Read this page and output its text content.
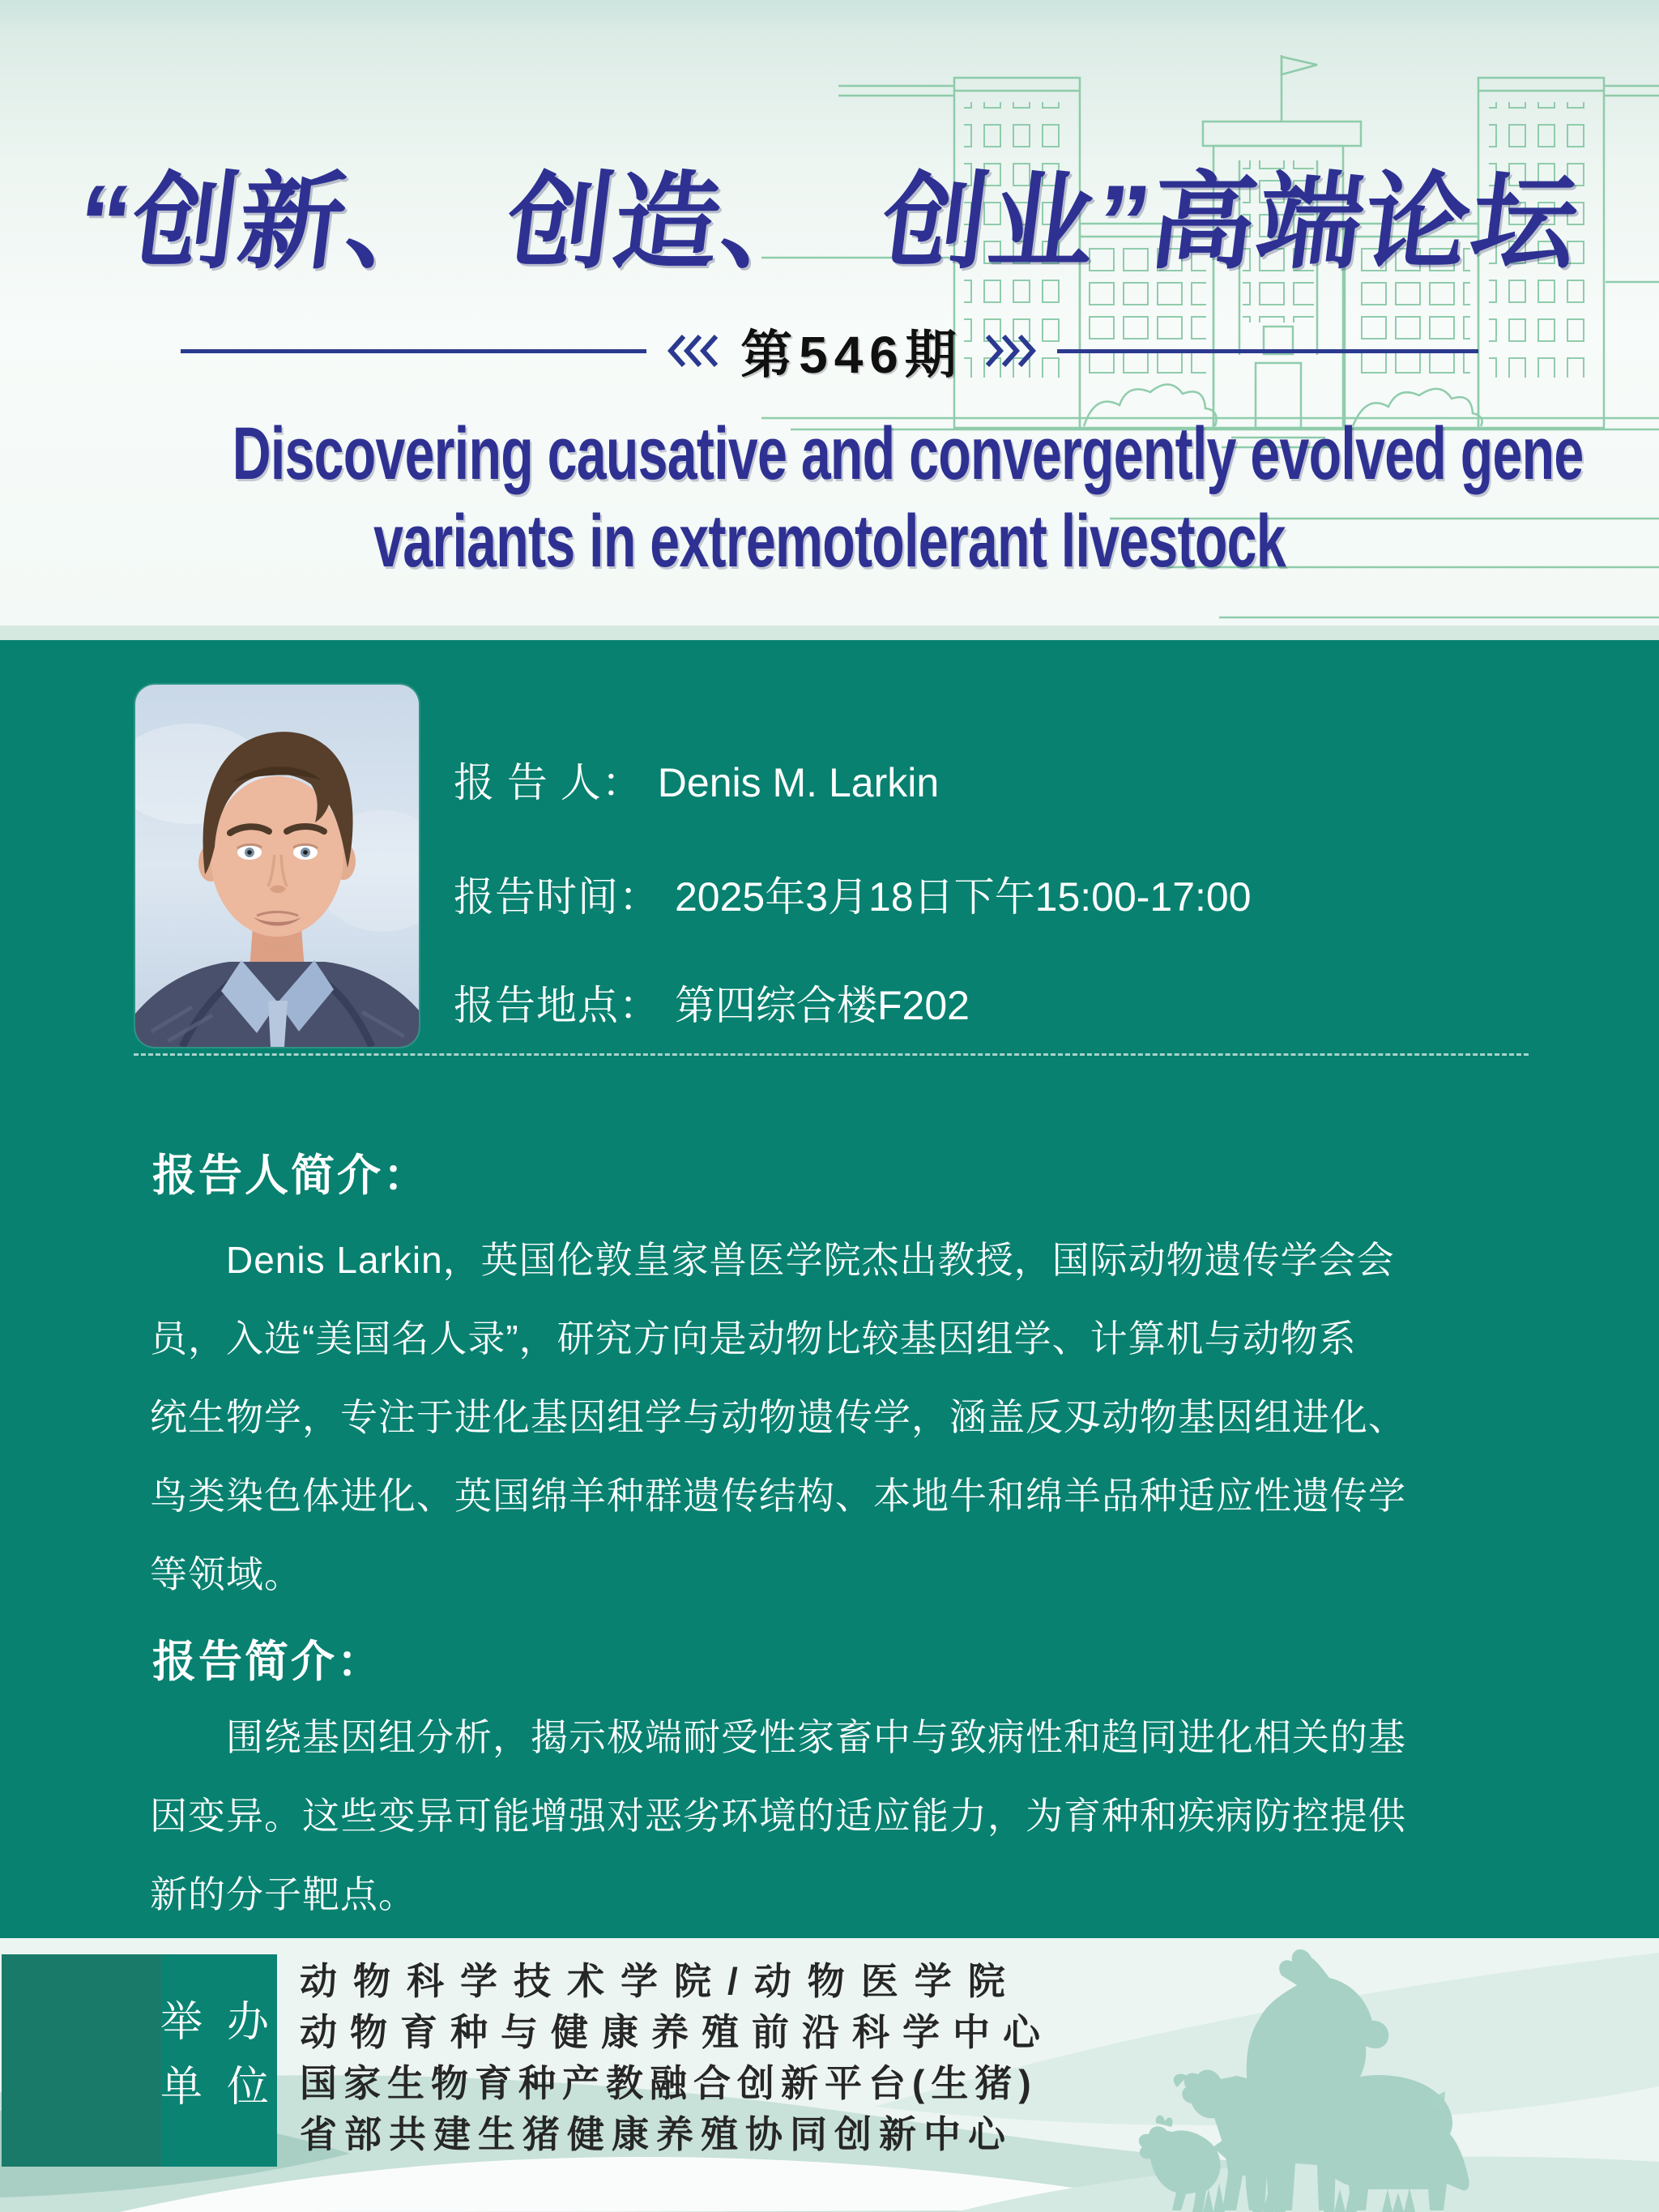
“创新、　创造、　创业”高端论坛
第546期
Discovering causative and convergently evolved gene
variants in extremotolerant livestock
报 告 人： Denis M. Larkin
报告时间： 2025年3月18日下午15:00-17:00
报告地点： 第四综合楼F202
报告人简介：
Denis Larkin，英国伦敦皇家兽医学院杰出教授，国际动物遗传学会会
员，入选“美国名人录”，研究方向是动物比较基因组学、计算机与动物系
统生物学，专注于进化基因组学与动物遗传学，涵盖反刄动物基因组进化、
鸟类染色体进化、英国绵羊种群遗传结构、本地牛和绵羊品种适应性遗传学
等领域。
报告简介：
围绕基因组分析，揭示极端耐受性家畜中与致病性和趋同进化相关的基
因变异。这些变异可能增强对恶劣环境的适应能力，为育种和疾病防控提供
新的分子靶点。
举办
单位
动物科学技术学院/动物医学院
动物育种与健康养殖前沿科学中心
国家生物育种产教融合创新平台(生猪)
省部共建生猪健康养殖协同创新中心
